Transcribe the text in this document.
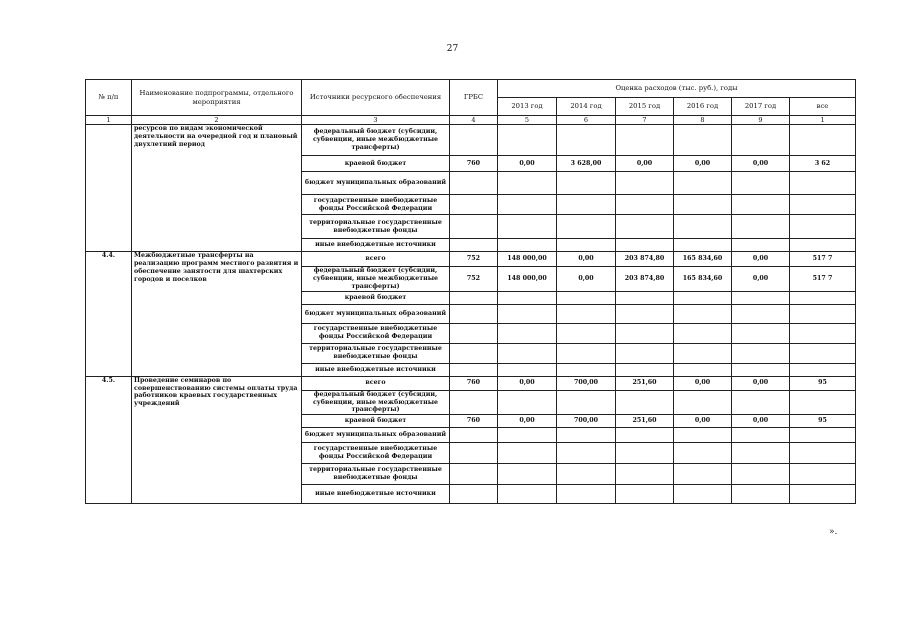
27
№ п/п	Наименование подпрограммы, отдельного мероприятия	Источники ресурсного обеспечения	ГРБС	Оценка расходов (тыс. руб.), годы					
				2013 год	2014 год	2015 год	2016 год	2017 год	все
1	2	3	4	5	6	7	8	9	1
	ресурсов по видам экономической деятельности на очередной год и плановый двухлетний период	федеральный бюджет (субсидии, субвенции, иные межбюджетные трансферты)							
		краевой бюджет	760	0,00	3 628,00	0,00	0,00	0,00	3 62
		бюджет муниципальных образований							
		государственные внебюджетные фонды Российской Федерации							
		территориальные государственные внебюджетные фонды							
		иные внебюджетные источники							
4.4.	Межбюджетные трансферты на реализацию программ местного развития и обеспечение занятости для шахтерских городов и поселков	всего	752	148 000,00	0,00	203 874,80	165 834,60	0,00	517 7
		федеральный бюджет (субсидии, субвенции, иные межбюджетные трансферты)	752	148 000,00	0,00	203 874,80	165 834,60	0,00	517 7
		краевой бюджет							
		бюджет муниципальных образований							
		государственные внебюджетные фонды Российской Федерации							
		территориальные государственные внебюджетные фонды							
		иные внебюджетные источники							
4.5.	Проведение семинаров по совершенствованию системы оплаты труда работников краевых государственных учреждений	всего	760	0,00	700,00	251,60	0,00	0,00	95
		федеральный бюджет (субсидии, субвенции, иные межбюджетные трансферты)							
		краевой бюджет	760	0,00	700,00	251,60	0,00	0,00	95
		бюджет муниципальных образований							
		государственные внебюджетные фонды Российской Федерации							
		территориальные государственные внебюджетные фонды							
		иные внебюджетные источники							
».
